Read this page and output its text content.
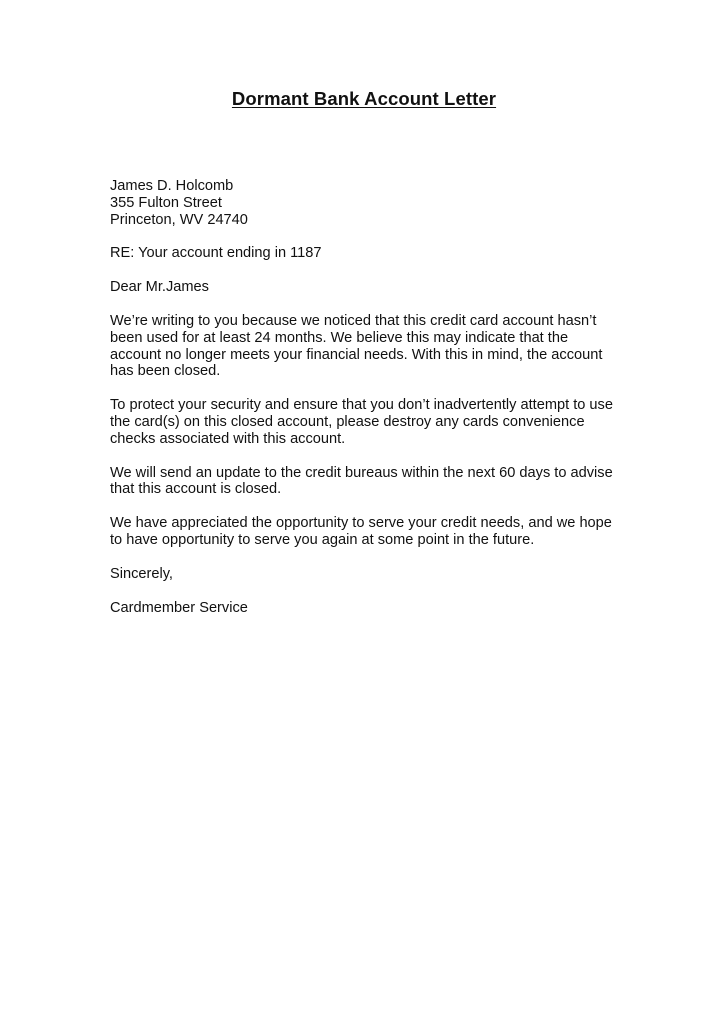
Dormant Bank Account Letter
James D. Holcomb
355 Fulton Street
Princeton, WV 24740
RE: Your account ending in 1187
Dear Mr.James
We’re writing to you because we noticed that this credit card account hasn’t
been used for at least 24 months. We believe this may indicate that the
account no longer meets your financial needs. With this in mind, the account
has been closed.
To protect your security and ensure that you don’t inadvertently attempt to use
the card(s) on this closed account, please destroy any cards convenience
checks associated with this account.
We will send an update to the credit bureaus within the next 60 days to advise
that this account is closed.
We have appreciated the opportunity to serve your credit needs, and we hope
to have opportunity to serve you again at some point in the future.
Sincerely,
Cardmember Service
